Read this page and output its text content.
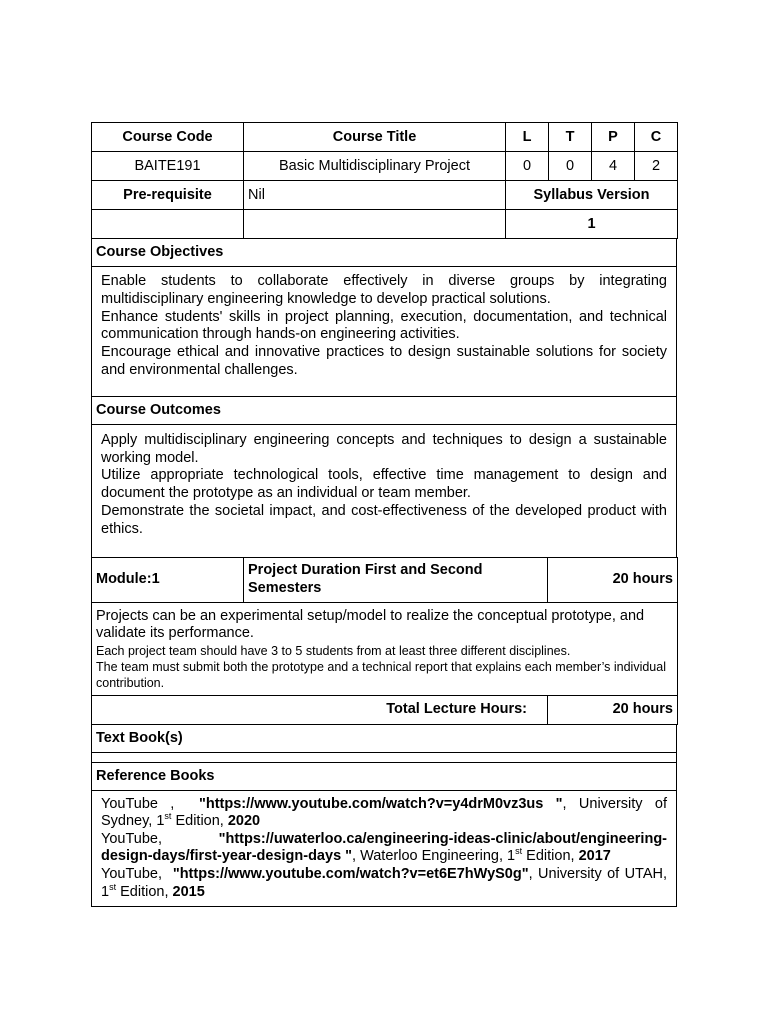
Course Code	Course Title	L	T	P	C
BAITE191	Basic Multidisciplinary Project	0	0	4	2
Pre-requisite	Nil	Syllabus Version			
		1			
Course Objectives

Enable students to collaborate effectively in diverse groups by integrating multidisciplinary engineering knowledge to develop practical solutions.

Enhance students' skills in project planning, execution, documentation, and technical communication through hands-on engineering activities.

Encourage ethical and innovative practices to design sustainable solutions for society and environmental challenges.

Course Outcomes

Apply multidisciplinary engineering concepts and techniques to design a sustainable working model.

Utilize appropriate technological tools, effective time management to design and document the prototype as an individual or team member.

Demonstrate the societal impact, and cost-effectiveness of the developed product with ethics.

Module:1	Project Duration First and Second Semesters	20 hours

Projects can be an experimental setup/model to realize the conceptual prototype, and validate its performance.

Each project team should have 3 to 5 students from at least three different disciplines.

The team must submit both the prototype and a technical report that explains each member’s individual contribution.		

Total Lecture Hours:		20 hours
Text Book(s)

Reference Books

YouTube , "https://www.youtube.com/watch?v=y4drM0vz3us ", University of Sydney, 1st Edition, 2020

YouTube,	"https://uwaterloo.ca/engineering-ideas-clinic/about/engineering-design-days/first-year-design-days ", Waterloo Engineering, 1st Edition, 2017

YouTube, "https://www.youtube.com/watch?v=et6E7hWyS0g", University of UTAH, 1st Edition, 2015
